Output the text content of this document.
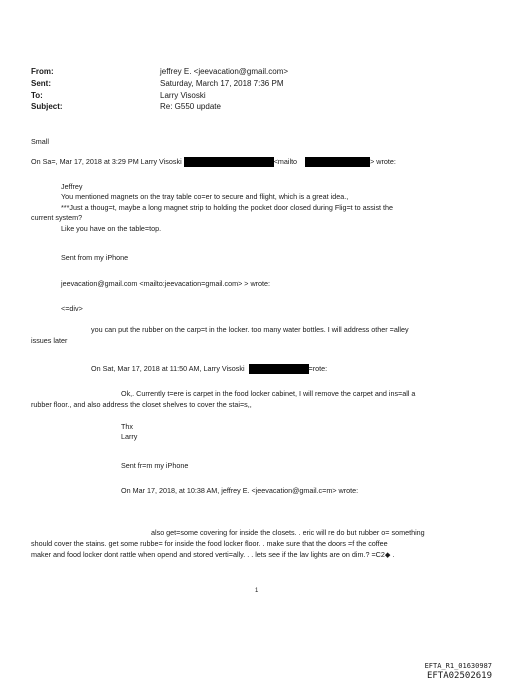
From:	jeffrey E. <jeevacation@gmail.com>
Sent:	Saturday, March 17, 2018 7:36 PM
To:	Larry Visoski
Subject:	Re: G550 update
Small
On Sa=, Mar 17, 2018 at 3:29 PM Larry Visoski	<mailto	> wrote:
Jeffrey
You mentioned magnets on the tray table co=er to secure and flight, which is a great idea.,
***Just a thoug=t, maybe a long magnet strip to holding the pocket door closed during Flig=t to assist the
current system?
Like you have on the table=top.
Sent from my iPhone
jeevacation@gmail.com <mailto:jeevacation=gmail.com> > wrote:
<=div>
you can put the rubber on the carp=t in the locker. too many water bottles. I will address other =alley
issues later
On Sat, Mar 17, 2018 at 11:50 AM, Larry Visoski	=rote:
Ok,. Currently t=ere is carpet in the food locker cabinet, I will remove the carpet and ins=all a
rubber floor., and also address the closet shelves to cover the stai=s,,
Thx
Larry
Sent fr=m my iPhone
On Mar 17, 2018, at 10:38 AM, jeffrey E. <jeevacation@gmail.c=m> wrote:
also get=some covering for inside the closets. . eric will re do but rubber o= something
should cover the stains. get some rubbe= for inside the food locker floor. . make sure that the doors =f the coffee
maker and food locker dont rattle when opend and stored verti=ally. . . lets see if the lav lights are on dim.? =C2◆ .
1
EFTA_R1_01630987
EFTA02502619
